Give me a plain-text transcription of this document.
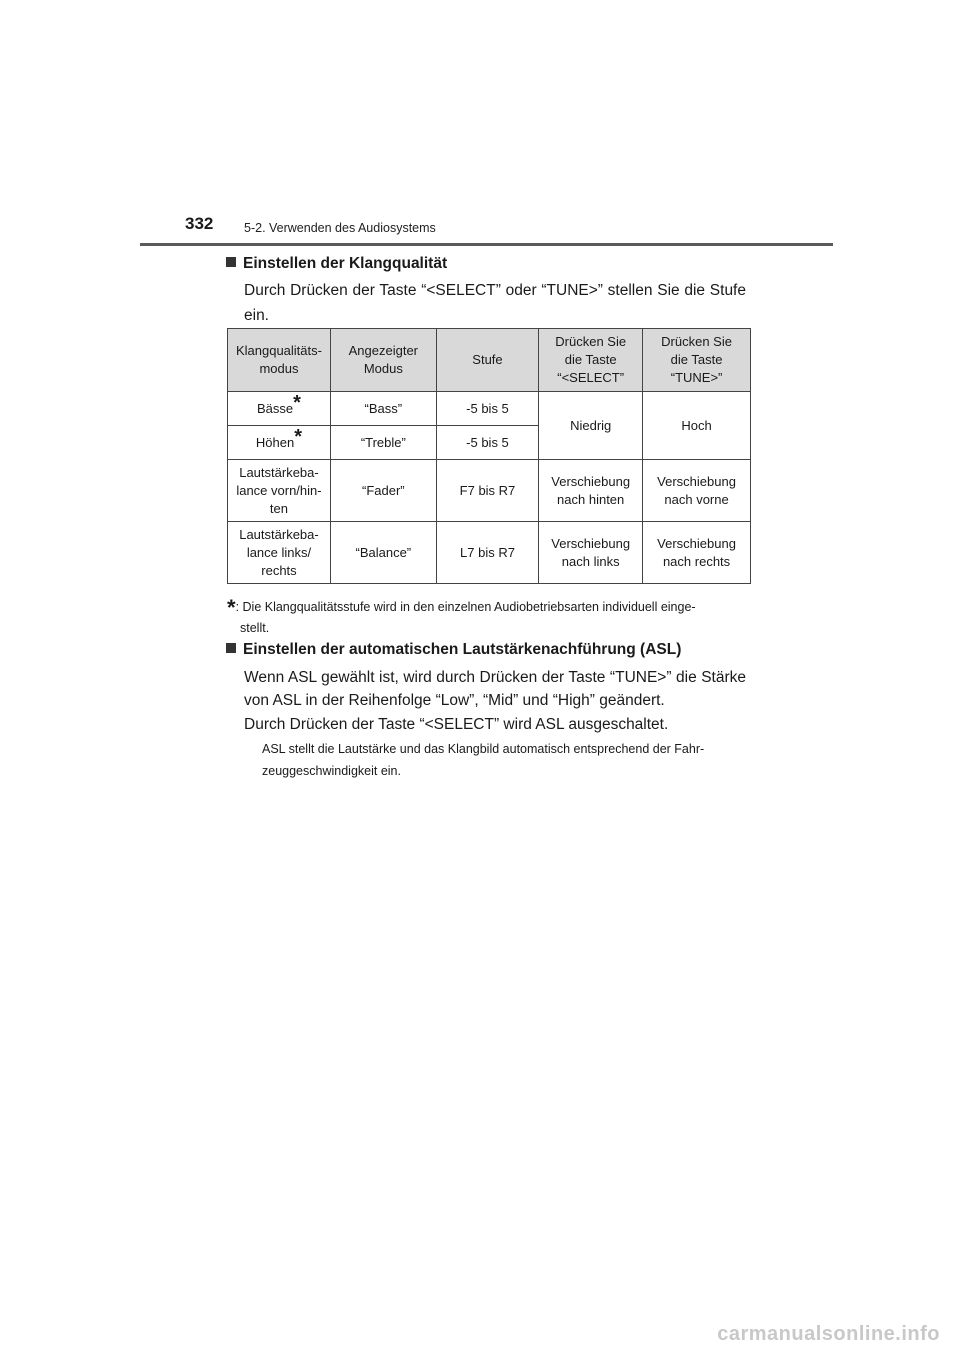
332 5-2. Verwenden des Audiosystems
Einstellen der Klangqualität
Durch Drücken der Taste “<SELECT” oder “TUNE>” stellen Sie die Stufe
ein.
Klangqualitäts-
modus	Angezeigter
Modus	Stufe	Drücken Sie
die Taste
“<SELECT”	Drücken Sie
die Taste
“TUNE>”
Bässe*	“Bass”	-5 bis 5	Niedrig	Hoch
Höhen*	“Treble”	-5 bis 5		
Lautstärkeba-
lance vorn/hin-
ten	“Fader”	F7 bis R7	Verschiebung
nach hinten	Verschiebung
nach vorne
Lautstärkeba-
lance links/
rechts	“Balance”	L7 bis R7	Verschiebung
nach links	Verschiebung
nach rechts
*: Die Klangqualitätsstufe wird in den einzelnen Audiobetriebsarten individuell einge-
stellt.
Einstellen der automatischen Lautstärkenachführung (ASL)
Wenn ASL gewählt ist, wird durch Drücken der Taste “TUNE>” die Stärke
von ASL in der Reihenfolge “Low”, “Mid” und “High” geändert.
Durch Drücken der Taste “<SELECT” wird ASL ausgeschaltet.
ASL stellt die Lautstärke und das Klangbild automatisch entsprechend der Fahr-
zeuggeschwindigkeit ein.
carmanualsonline.info
